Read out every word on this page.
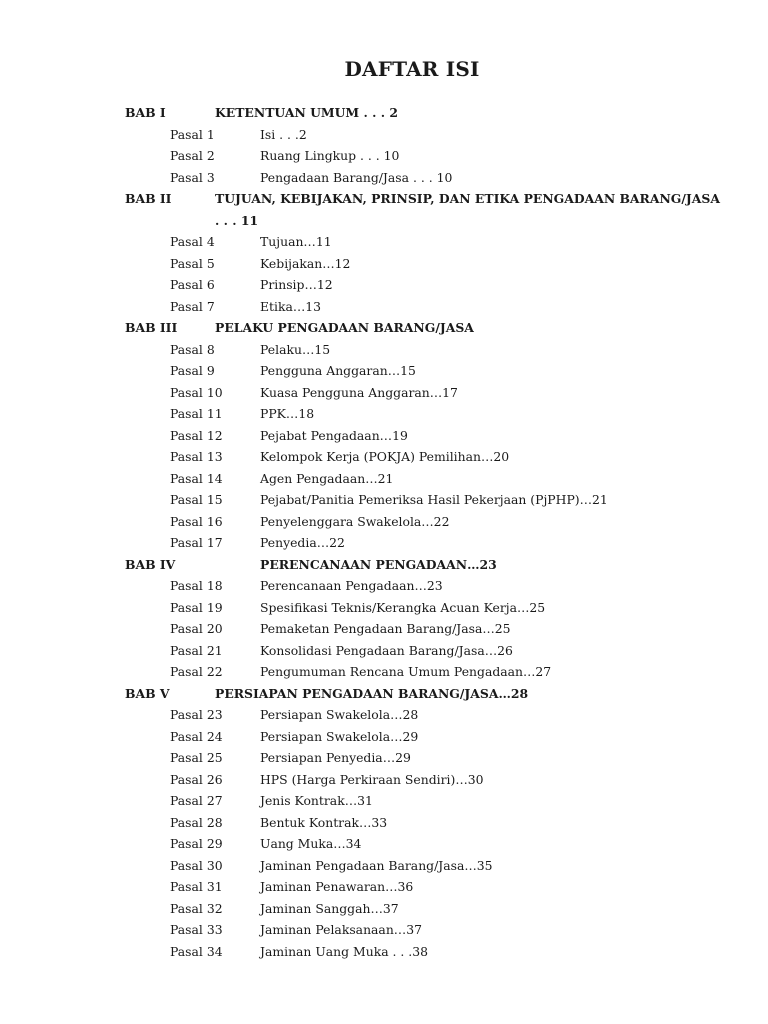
DAFTAR ISI
BAB I	KETENTUAN UMUM . . . 2
Pasal 1	Isi . . .2
Pasal 2	Ruang Lingkup . . . 10
Pasal 3	Pengadaan Barang/Jasa . . . 10
BAB II	TUJUAN, KEBIJAKAN, PRINSIP, DAN ETIKA PENGADAAN BARANG/JASA
. . . 11
Pasal 4	Tujuan…11
Pasal 5	Kebijakan…12
Pasal 6	Prinsip…12
Pasal 7	Etika…13
BAB III	PELAKU PENGADAAN BARANG/JASA
Pasal 8	Pelaku…15
Pasal 9	Pengguna Anggaran…15
Pasal 10	Kuasa Pengguna Anggaran…17
Pasal 11	PPK…18
Pasal 12	Pejabat Pengadaan…19
Pasal 13	Kelompok Kerja (POKJA) Pemilihan…20
Pasal 14	Agen Pengadaan…21
Pasal 15	Pejabat/Panitia Pemeriksa Hasil Pekerjaan (PjPHP)…21
Pasal 16	Penyelenggara Swakelola…22
Pasal 17	Penyedia…22
BAB IV	PERENCANAAN PENGADAAN…23
Pasal 18	Perencanaan Pengadaan…23
Pasal 19	Spesifikasi Teknis/Kerangka Acuan Kerja…25
Pasal 20	Pemaketan Pengadaan Barang/Jasa…25
Pasal 21	Konsolidasi Pengadaan Barang/Jasa…26
Pasal 22	Pengumuman Rencana Umum Pengadaan…27
BAB V	PERSIAPAN PENGADAAN BARANG/JASA…28
Pasal 23	Persiapan Swakelola…28
Pasal 24	Persiapan Swakelola…29
Pasal 25	Persiapan Penyedia…29
Pasal 26	HPS (Harga Perkiraan Sendiri)…30
Pasal 27	Jenis Kontrak…31
Pasal 28	Bentuk Kontrak…33
Pasal 29	Uang Muka…34
Pasal 30	Jaminan Pengadaan Barang/Jasa…35
Pasal 31	Jaminan Penawaran…36
Pasal 32	Jaminan Sanggah…37
Pasal 33	Jaminan Pelaksanaan…37
Pasal 34	Jaminan Uang Muka . . .38
